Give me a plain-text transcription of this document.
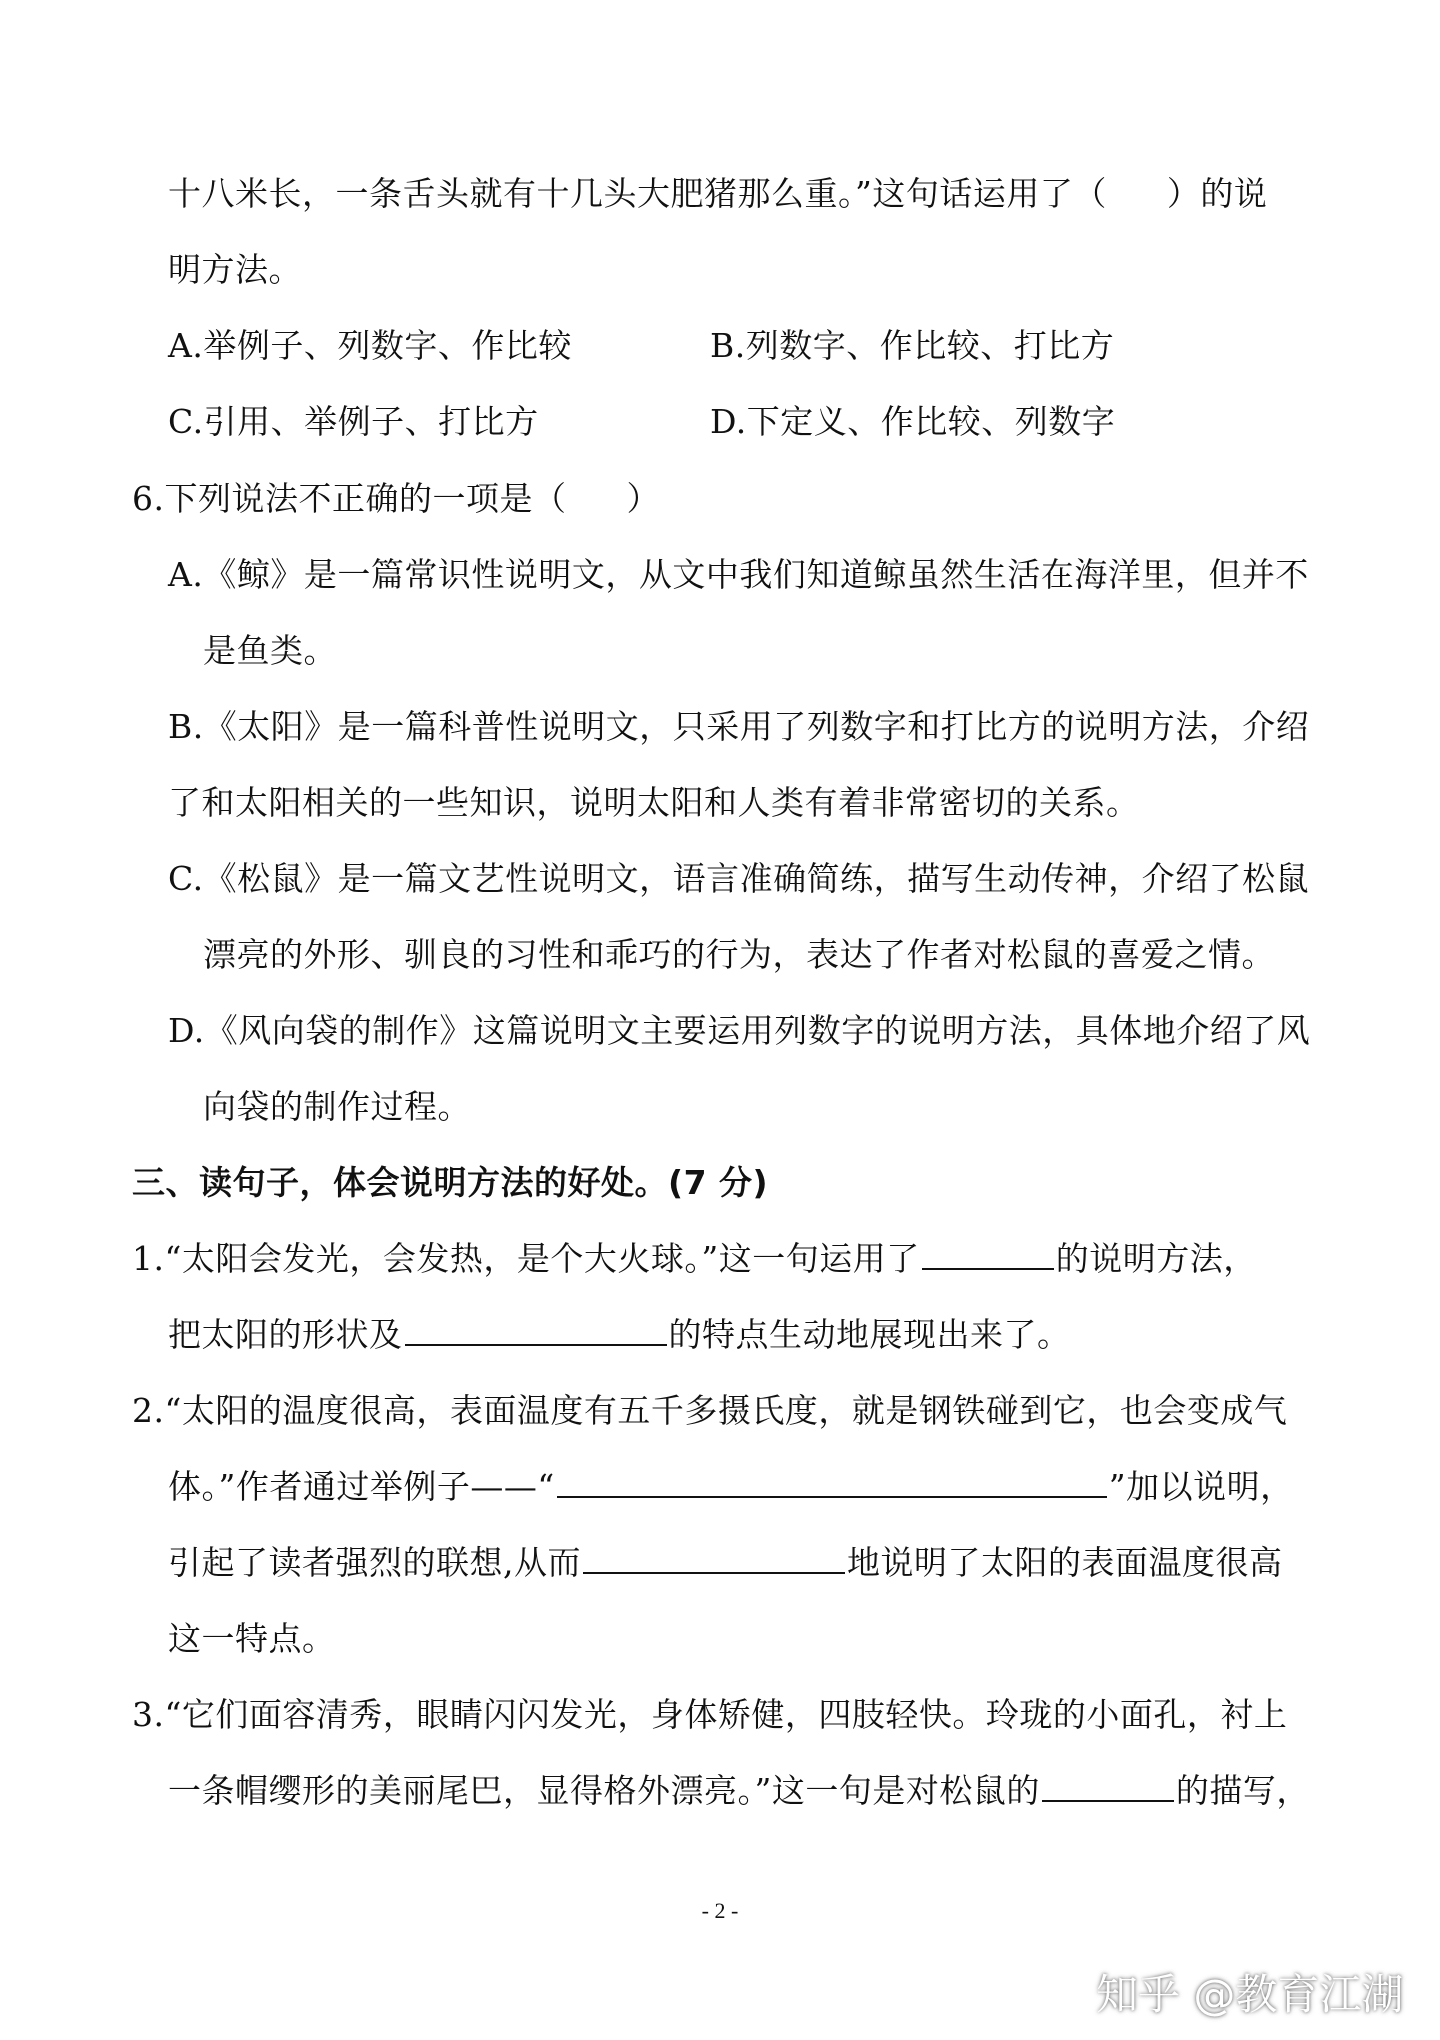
十八米长，一条舌头就有十几头大肥猪那么重。”这句话运用了（ ）的说
明方法。
A.举例子、列数字、作比较	B.列数字、作比较、打比方
C.引用、举例子、打比方	D.下定义、作比较、列数字
6.下列说法不正确的一项是（ ）
A.《鲸》是一篇常识性说明文，从文中我们知道鲸虽然生活在海洋里，但并不
是鱼类。
B.《太阳》是一篇科普性说明文，只采用了列数字和打比方的说明方法，介绍
了和太阳相关的一些知识，说明太阳和人类有着非常密切的关系。
C.《松鼠》是一篇文艺性说明文，语言准确简练，描写生动传神，介绍了松鼠
漂亮的外形、驯良的习性和乖巧的行为，表达了作者对松鼠的喜爱之情。
D.《风向袋的制作》这篇说明文主要运用列数字的说明方法，具体地介绍了风
向袋的制作过程。
三、读句子，体会说明方法的好处。(7 分)
1.“太阳会发光，会发热，是个大火球。”这一句运用了	的说明方法，
把太阳的形状及	的特点生动地展现出来了。
2.“太阳的温度很高，表面温度有五千多摄氏度，就是钢铁碰到它，也会变成气
体。”作者通过举例子——“	”加以说明，
引起了读者强烈的联想,从而	地说明了太阳的表面温度很高
这一特点。
3.“它们面容清秀，眼睛闪闪发光，身体矫健，四肢轻快。玲珑的小面孔，衬上
一条帽缨形的美丽尾巴，显得格外漂亮。”这一句是对松鼠的	的描写，
- 2 -
知乎 @教育江湖
